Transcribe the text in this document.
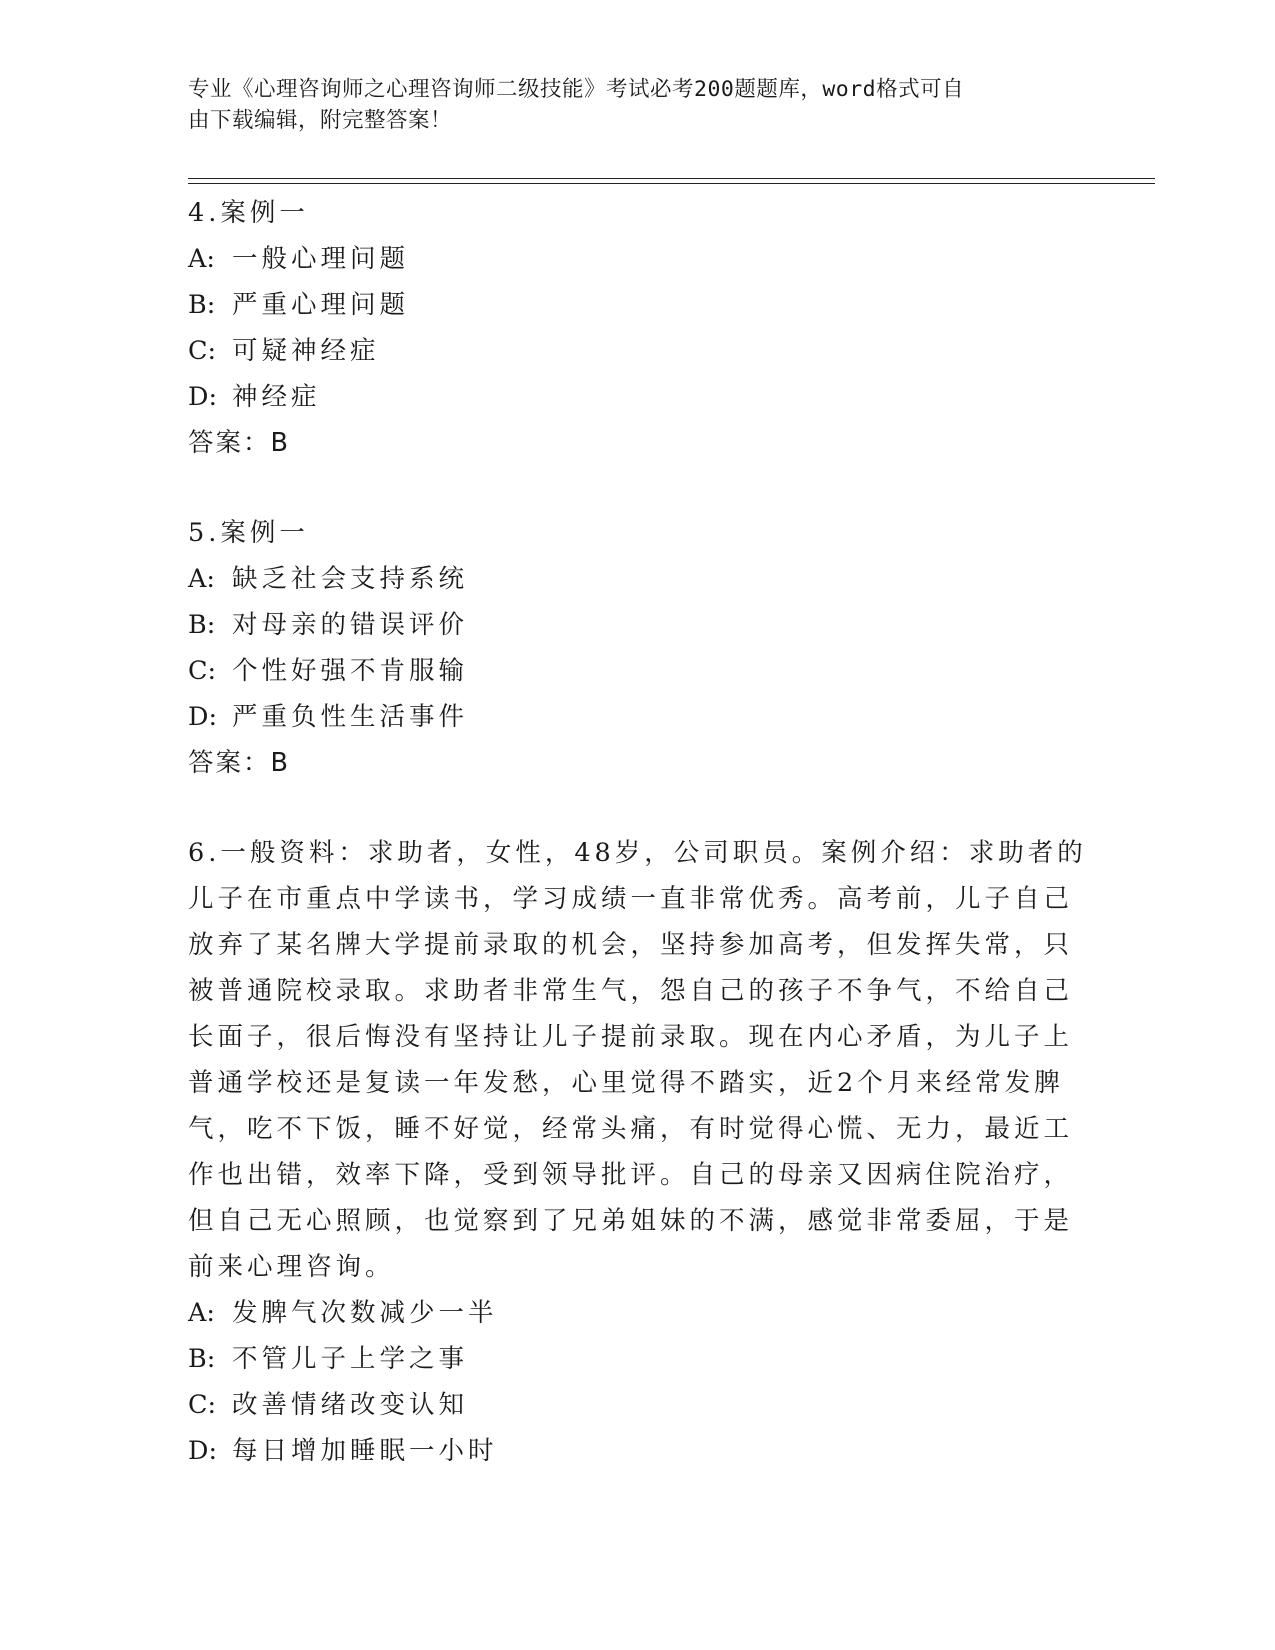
专业《心理咨询师之心理咨询师二级技能》考试必考200题题库，word格式可自
由下载编辑，附完整答案！

4.案例一

A: 一般心理问题

B: 严重心理问题

C: 可疑神经症

D: 神经症

答案：B

5.案例一

A: 缺乏社会支持系统

B: 对母亲的错误评价

C: 个性好强不肯服输

D: 严重负性生活事件

答案：B

6.一般资料：求助者，女性，48岁，公司职员。案例介绍：求助者的

儿子在市重点中学读书，学习成绩一直非常优秀。高考前，儿子自己

放弃了某名牌大学提前录取的机会，坚持参加高考，但发挥失常，只

被普通院校录取。求助者非常生气，怨自己的孩子不争气，不给自己

长面子，很后悔没有坚持让儿子提前录取。现在内心矛盾，为儿子上

普通学校还是复读一年发愁，心里觉得不踏实，近2个月来经常发脾

气，吃不下饭，睡不好觉，经常头痛，有时觉得心慌、无力，最近工

作也出错，效率下降，受到领导批评。自己的母亲又因病住院治疗，

但自己无心照顾，也觉察到了兄弟姐妹的不满，感觉非常委屈，于是

前来心理咨询。

A: 发脾气次数减少一半

B: 不管儿子上学之事

C: 改善情绪改变认知

D: 每日增加睡眠一小时
